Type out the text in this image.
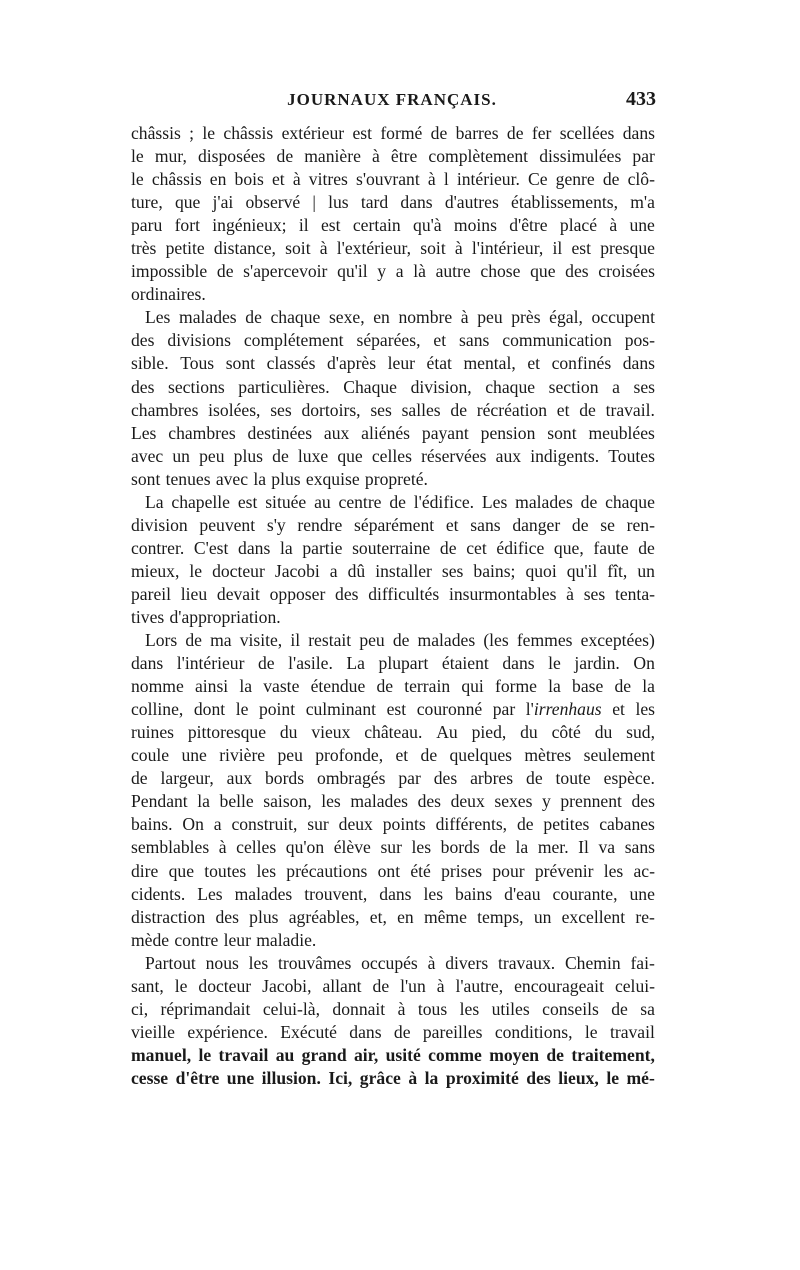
JOURNAUX FRANÇAIS.	433
châssis ; le châssis extérieur est formé de barres de fer scellées dans
le mur, disposées de manière à être complètement dissimulées par
le châssis en bois et à vitres s'ouvrant à l intérieur. Ce genre de clô-
ture, que j'ai observé | lus tard dans d'autres établissements, m'a
paru fort ingénieux; il est certain qu'à moins d'être placé à une
très petite distance, soit à l'extérieur, soit à l'intérieur, il est presque
impossible de s'apercevoir qu'il y a là autre chose que des croisées
ordinaires.
Les malades de chaque sexe, en nombre à peu près égal, occupent
des divisions complétement séparées, et sans communication pos-
sible. Tous sont classés d'après leur état mental, et confinés dans
des sections particulières. Chaque division, chaque section a ses
chambres isolées, ses dortoirs, ses salles de récréation et de travail.
Les chambres destinées aux aliénés payant pension sont meublées
avec un peu plus de luxe que celles réservées aux indigents. Toutes
sont tenues avec la plus exquise propreté.
La chapelle est située au centre de l'édifice. Les malades de chaque
division peuvent s'y rendre séparément et sans danger de se ren-
contrer. C'est dans la partie souterraine de cet édifice que, faute de
mieux, le docteur Jacobi a dû installer ses bains; quoi qu'il fît, un
pareil lieu devait opposer des difficultés insurmontables à ses tenta-
tives d'appropriation.
Lors de ma visite, il restait peu de malades (les femmes exceptées)
dans l'intérieur de l'asile. La plupart étaient dans le jardin. On
nomme ainsi la vaste étendue de terrain qui forme la base de la
colline, dont le point culminant est couronné par l'irrenhaus et les
ruines pittoresque du vieux château. Au pied, du côté du sud,
coule une rivière peu profonde, et de quelques mètres seulement
de largeur, aux bords ombragés par des arbres de toute espèce.
Pendant la belle saison, les malades des deux sexes y prennent des
bains. On a construit, sur deux points différents, de petites cabanes
semblables à celles qu'on élève sur les bords de la mer. Il va sans
dire que toutes les précautions ont été prises pour prévenir les ac-
cidents. Les malades trouvent, dans les bains d'eau courante, une
distraction des plus agréables, et, en même temps, un excellent re-
mède contre leur maladie.
Partout nous les trouvâmes occupés à divers travaux. Chemin fai-
sant, le docteur Jacobi, allant de l'un à l'autre, encourageait celui-
ci, réprimandait celui-là, donnait à tous les utiles conseils de sa
vieille expérience. Exécuté dans de pareilles conditions, le travail
manuel, le travail au grand air, usité comme moyen de traitement,
cesse d'être une illusion. Ici, grâce à la proximité des lieux, le mé-
